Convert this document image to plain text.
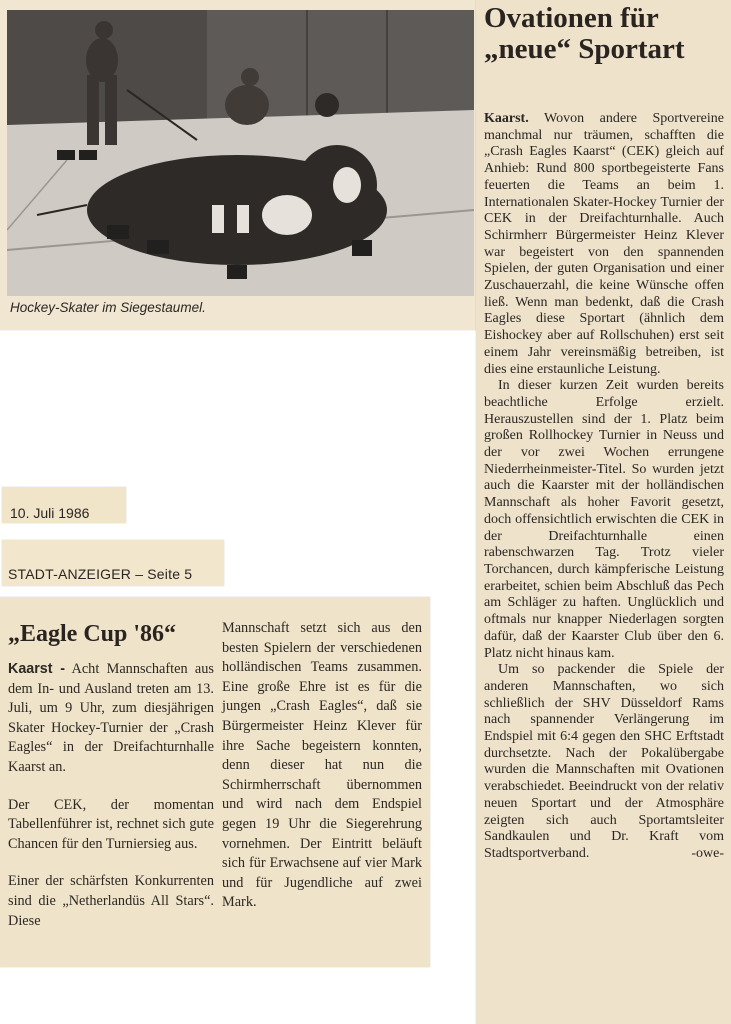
Hockey-Skater im Siegestaumel.
Ovationen für „neue“ Sportart

Kaarst. Wovon andere Sportvereine manchmal nur träumen, schafften die „Crash Eagles Kaarst“ (CEK) gleich auf Anhieb: Rund 800 sportbegeisterte Fans feuerten die Teams an beim 1. Internationalen Skater-Hockey Turnier der CEK in der Dreifachturnhalle. Auch Schirmherr Bürgermeister Heinz Klever war begeistert von den spannenden Spielen, der guten Organisation und einer Zuschauerzahl, die keine Wünsche offen ließ. Wenn man bedenkt, daß die Crash Eagles diese Sportart (ähnlich dem Eishockey aber auf Rollschuhen) erst seit einem Jahr vereinsmäßig betreiben, ist dies eine erstaunliche Leistung.

In dieser kurzen Zeit wurden bereits beachtliche Erfolge erzielt. Herauszustellen sind der 1. Platz beim großen Rollhockey Turnier in Neuss und der vor zwei Wochen errungene Niederrheinmeister-Titel. So wurden jetzt auch die Kaarster mit der holländischen Mannschaft als hoher Favorit gesetzt, doch offensichtlich erwischten die CEK in der Dreifachturnhalle einen rabenschwarzen Tag. Trotz vieler Torchancen, durch kämpferische Leistung erarbeitet, schien beim Abschluß das Pech am Schläger zu haften. Unglücklich und oftmals nur knapper Niederlagen sorgten dafür, daß der Kaarster Club über den 6. Platz nicht hinaus kam.

Um so packender die Spiele der anderen Mannschaften, wo sich schließlich der SHV Düsseldorf Rams nach spannender Verlängerung im Endspiel mit 6:4 gegen den SHC Erftstadt durchsetzte. Nach der Pokalübergabe wurden die Mannschaften mit Ovationen verabschiedet. Beeindruckt von der relativ neuen Sportart und der Atmosphäre zeigten sich auch Sportamtsleiter Sandkaulen und Dr. Kraft vom Stadtsportverband.	-owe-

10. Juli 1986
STADT-ANZEIGER – Seite 5
„Eagle Cup '86“

Kaarst - Acht Mannschaften aus dem In- und Ausland treten am 13. Juli, um 9 Uhr, zum diesjährigen Skater Hockey-Turnier der „Crash Eagles“ in der Dreifachturnhalle Kaarst an.

Der CEK, der momentan Tabellenführer ist, rechnet sich gute Chancen für den Turniersieg aus.

Einer der schärfsten Konkurrenten sind die „Netherlandüs All Stars“. Diese

Mannschaft setzt sich aus den besten Spielern der verschiedenen holländischen Teams zusammen. Eine große Ehre ist es für die jungen „Crash Eagles“, daß sie Bürgermeister Heinz Klever für ihre Sache begeistern konnten, denn dieser hat nun die Schirmherrschaft übernommen und wird nach dem Endspiel gegen 19 Uhr die Siegerehrung vornehmen. Der Eintritt beläuft sich für Erwachsene auf vier Mark und für Jugendliche auf zwei Mark.
